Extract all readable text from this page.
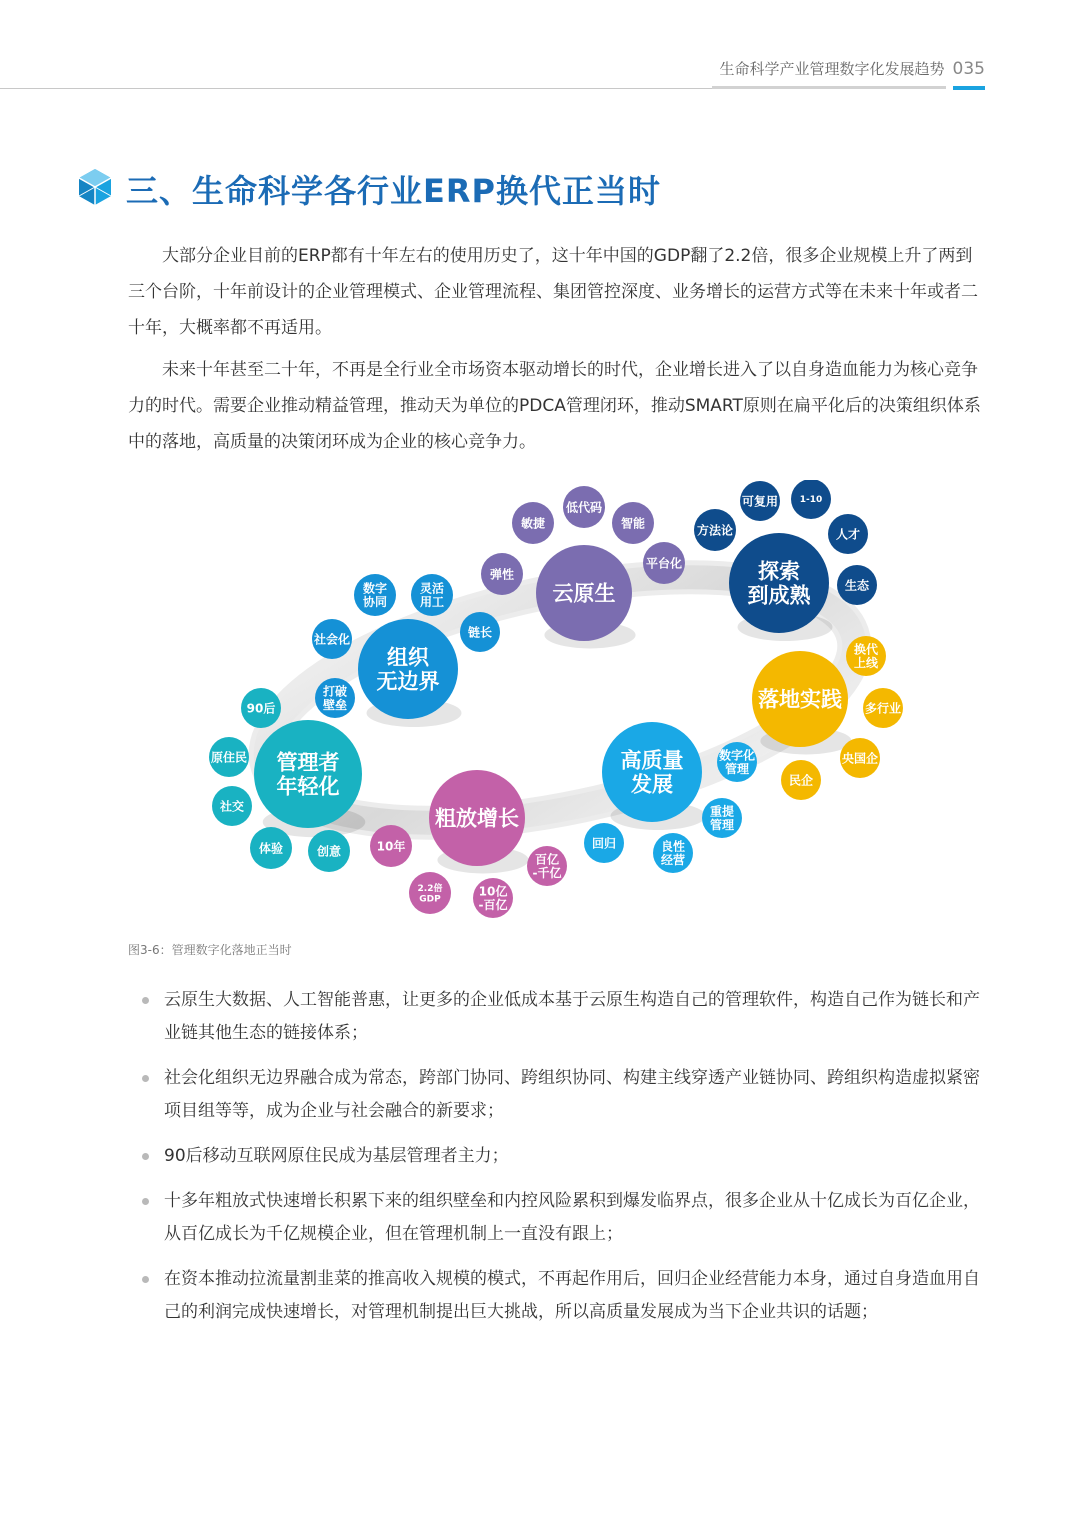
生命科学产业管理数字化发展趋势 035
三、生命科学各行业ERP换代正当时

大部分企业目前的ERP都有十年左右的使用历史了，这十年中国的GDP翻了2.2倍，很多企业规模上升了两到三个台阶，十年前设计的企业管理模式、企业管理流程、集团管控深度、业务增长的运营方式等在未来十年或者二十年，大概率都不再适用。

未来十年甚至二十年，不再是全行业全市场资本驱动增长的时代，企业增长进入了以自身造血能力为核心竞争力的时代。需要企业推动精益管理，推动天为单位的PDCA管理闭环，推动SMART原则在扁平化后的决策组织体系中的落地，高质量的决策闭环成为企业的核心竞争力。

云原生
敏捷
低代码
智能
弹性
平台化	探索
到成熟
方法论
可复用 1-10
人才
生态
组织
无边界
数字
协同
灵活
用工
社会化	链长
打破
壁垒	落地实践
换代
上线
多行业
央国企
民企
管理者
年轻化
90后
原住民
社交
体验	创意
高质量
发展
数字化
管理
重提
管理
回归	良性
经营
粗放增长
10年
百亿
-千亿
2.2倍
GDP
10亿
-百亿
图3-6：管理数字化落地正当时
云原生大数据、人工智能普惠，让更多的企业低成本基于云原生构造自己的管理软件，构造自己作为链长和产业链其他生态的链接体系；
社会化组织无边界融合成为常态，跨部门协同、跨组织协同、构建主线穿透产业链协同、跨组织构造虚拟紧密项目组等等，成为企业与社会融合的新要求；
90后移动互联网原住民成为基层管理者主力；
十多年粗放式快速增长积累下来的组织壁垒和内控风险累积到爆发临界点，很多企业从十亿成长为百亿企业，从百亿成长为千亿规模企业，但在管理机制上一直没有跟上；
在资本推动拉流量割韭菜的推高收入规模的模式，不再起作用后，回归企业经营能力本身，通过自身造血用自己的利润完成快速增长，对管理机制提出巨大挑战，所以高质量发展成为当下企业共识的话题；
